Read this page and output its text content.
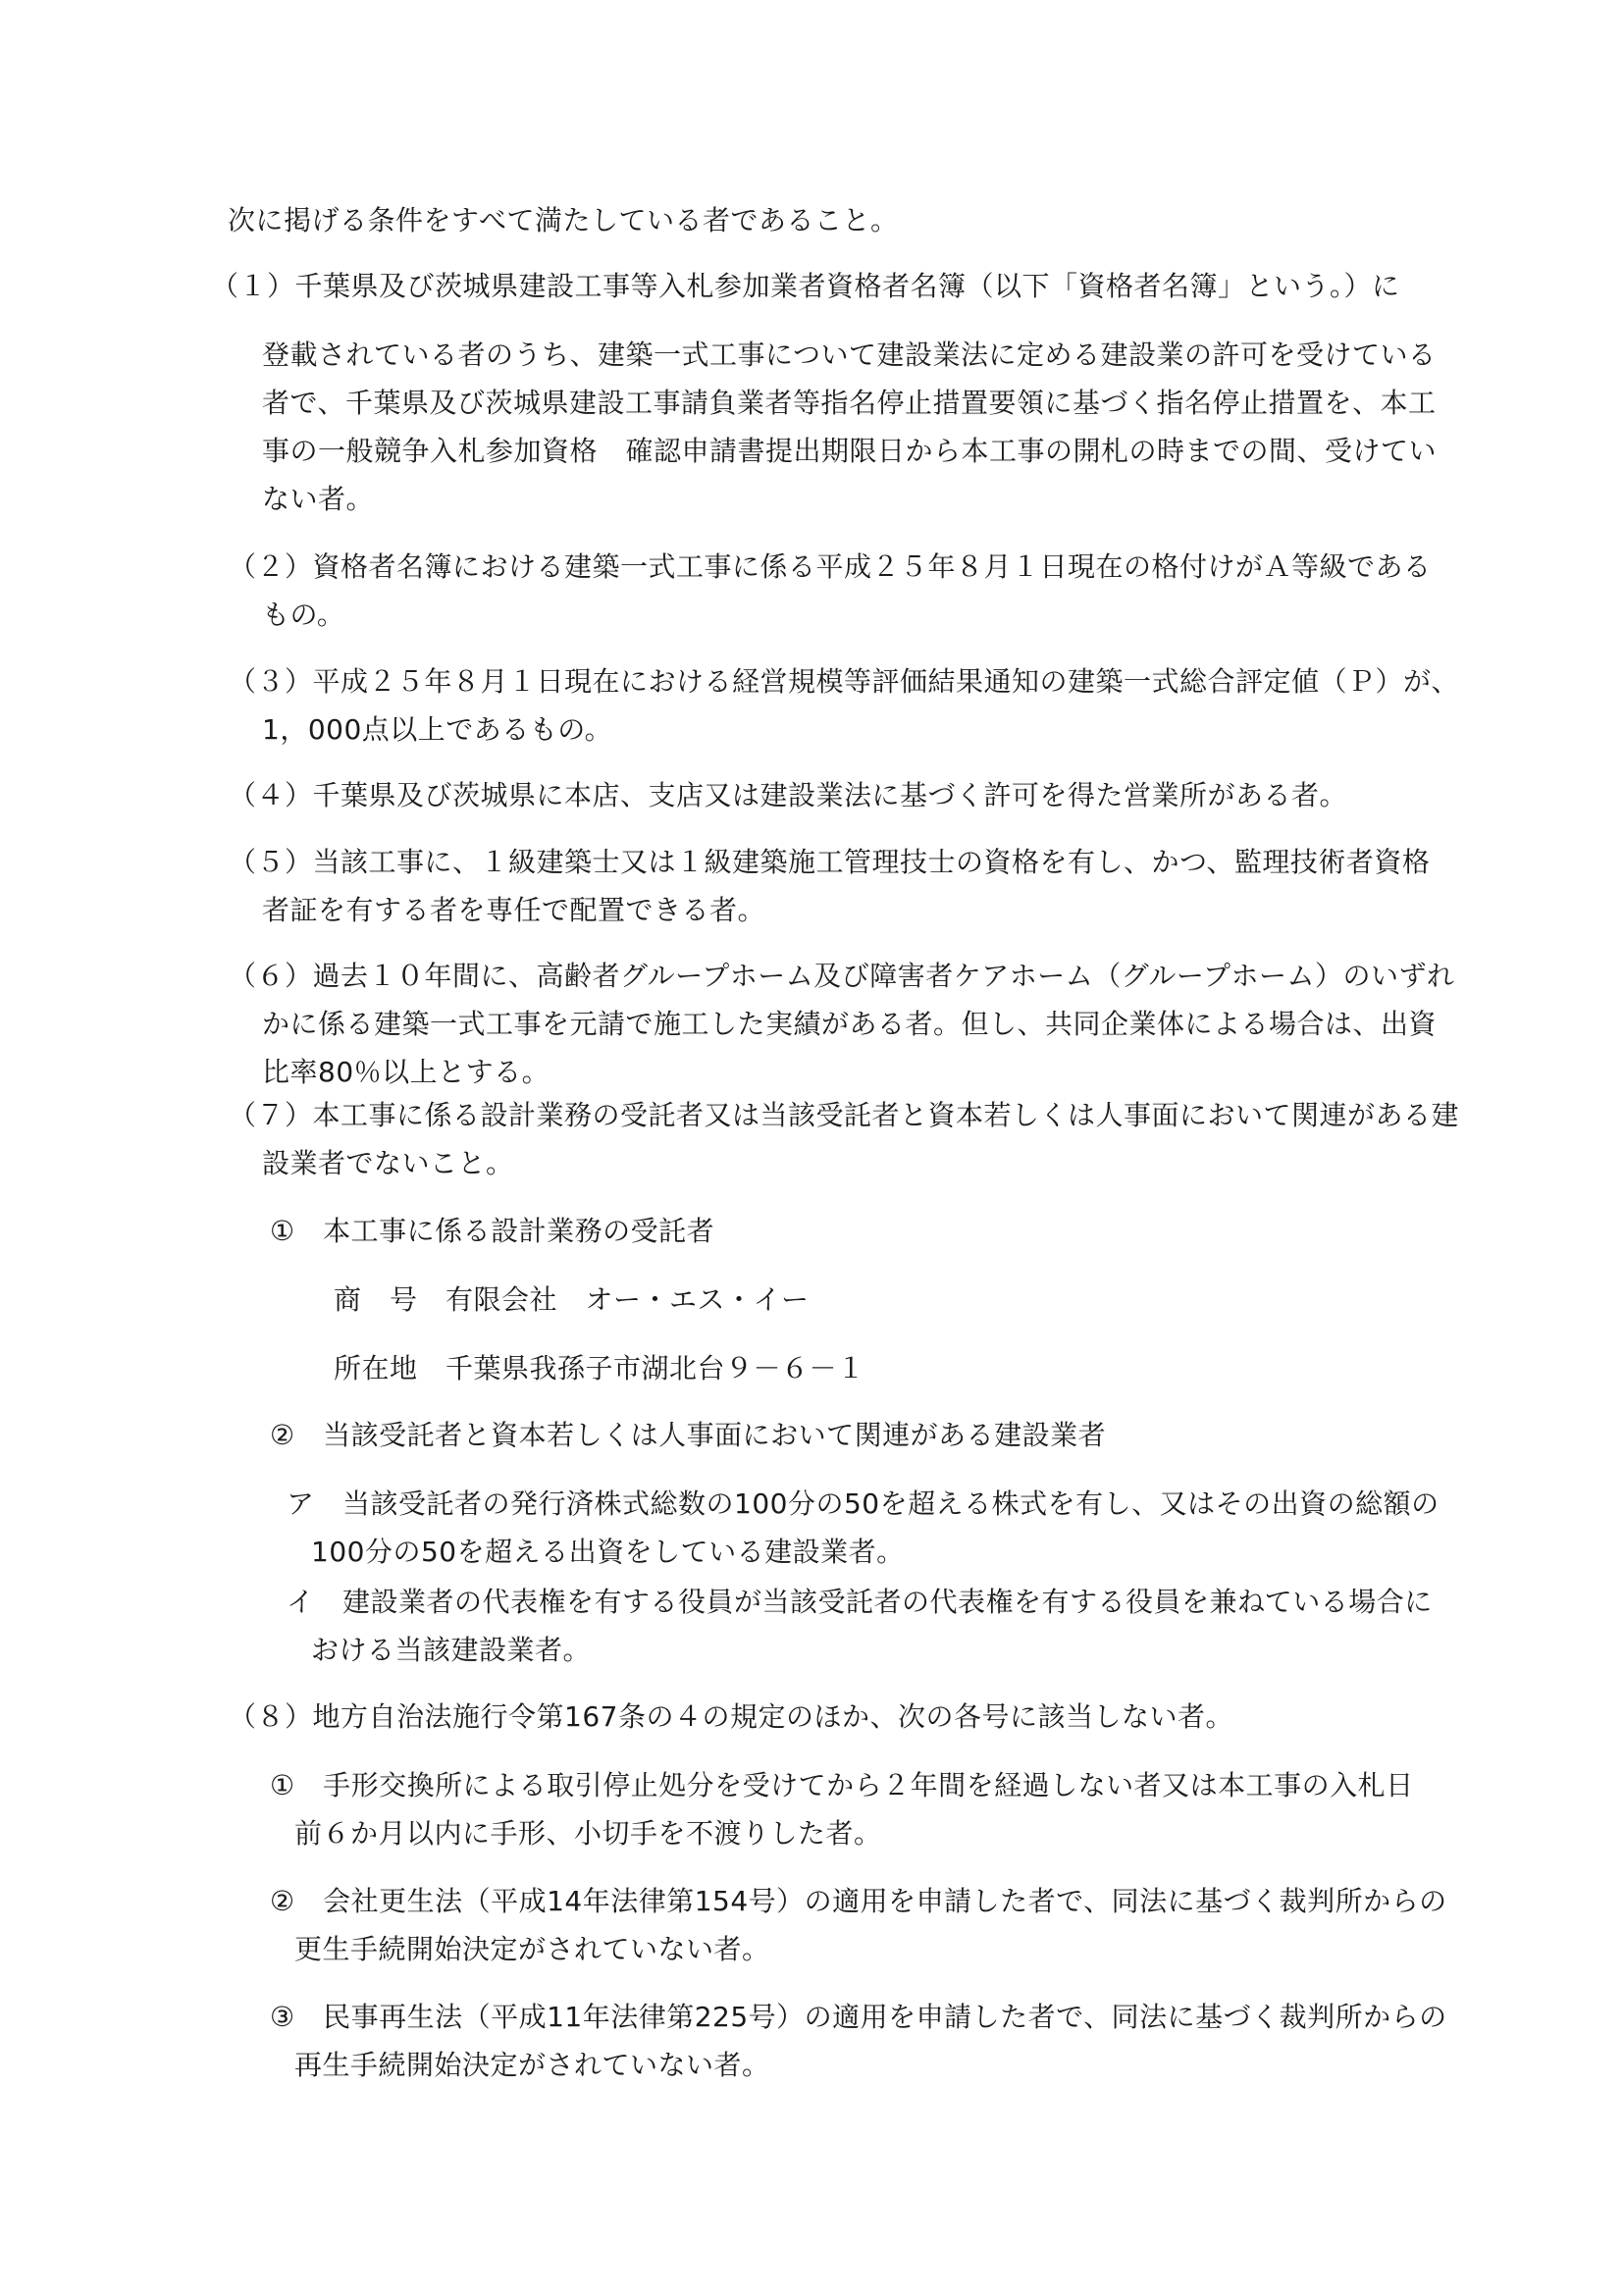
次に掲げる条件をすべて満たしている者であること。
（１）千葉県及び茨城県建設工事等入札参加業者資格者名簿（以下「資格者名簿」という。）に
登載されている者のうち、建築一式工事について建設業法に定める建設業の許可を受けている
者で、千葉県及び茨城県建設工事請負業者等指名停止措置要領に基づく指名停止措置を、本工
事の一般競争入札参加資格　確認申請書提出期限日から本工事の開札の時までの間、受けてい
ない者。
（２）資格者名簿における建築一式工事に係る平成２５年８月１日現在の格付けがＡ等級である
もの。
（３）平成２５年８月１日現在における経営規模等評価結果通知の建築一式総合評定値（Ｐ）が、
1，000点以上であるもの。
（４）千葉県及び茨城県に本店、支店又は建設業法に基づく許可を得た営業所がある者。
（５）当該工事に、１級建築士又は１級建築施工管理技士の資格を有し、かつ、監理技術者資格
者証を有する者を専任で配置できる者。
（６）過去１０年間に、高齢者グループホーム及び障害者ケアホーム（グループホーム）のいずれ
かに係る建築一式工事を元請で施工した実績がある者。但し、共同企業体による場合は、出資
比率80％以上とする。
（７）本工事に係る設計業務の受託者又は当該受託者と資本若しくは人事面において関連がある建
設業者でないこと。
①　本工事に係る設計業務の受託者
商　号　有限会社　オー・エス・イー
所在地　千葉県我孫子市湖北台９－６－１
②　当該受託者と資本若しくは人事面において関連がある建設業者
ア　当該受託者の発行済株式総数の100分の50を超える株式を有し、又はその出資の総額の
100分の50を超える出資をしている建設業者。
イ　建設業者の代表権を有する役員が当該受託者の代表権を有する役員を兼ねている場合に
おける当該建設業者。
（８）地方自治法施行令第167条の４の規定のほか、次の各号に該当しない者。
①　手形交換所による取引停止処分を受けてから２年間を経過しない者又は本工事の入札日
前６か月以内に手形、小切手を不渡りした者。
②　会社更生法（平成14年法律第154号）の適用を申請した者で、同法に基づく裁判所からの
更生手続開始決定がされていない者。
③　民事再生法（平成11年法律第225号）の適用を申請した者で、同法に基づく裁判所からの
再生手続開始決定がされていない者。
